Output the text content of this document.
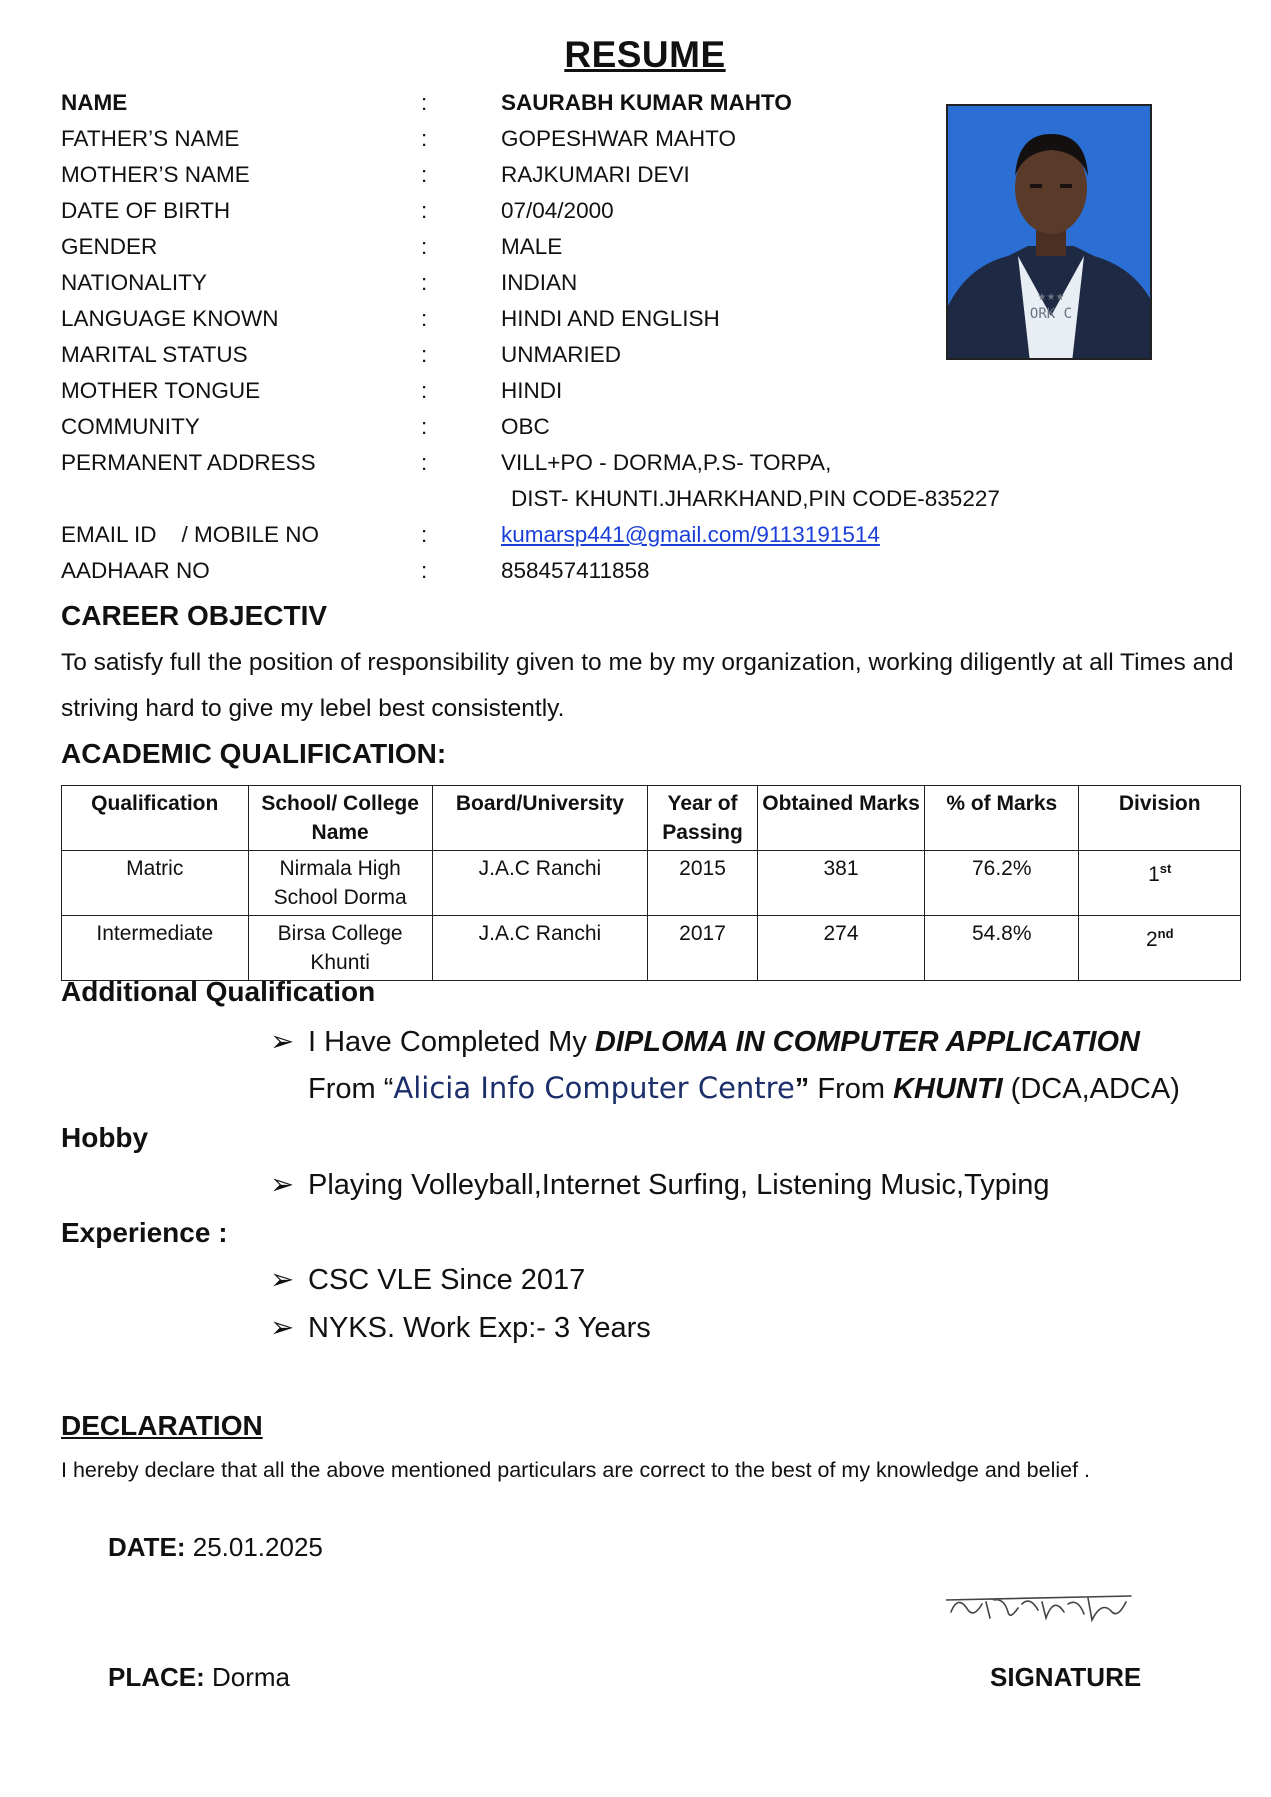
RESUME
NAME	:	SAURABH KUMAR MAHTO
FATHER’S NAME	:	GOPESHWAR MAHTO
MOTHER’S NAME	:	RAJKUMARI DEVI
DATE OF BIRTH	:	07/04/2000
GENDER	:	MALE
NATIONALITY	:	INDIAN
LANGUAGE KNOWN	:	HINDI AND ENGLISH
MARITAL STATUS	:	UNMARIED
MOTHER TONGUE	:	HINDI
COMMUNITY	:	OBC
PERMANENT ADDRESS	:	VILL+PO - DORMA,P.S- TORPA,
DIST- KHUNTI.JHARKHAND,PIN CODE-835227
EMAIL ID    / MOBILE NO	:	kumarsp441@gmail.com/9113191514
AADHAAR NO	:	858457411858
ORK C
★★★
CAREER OBJECTIV
To satisfy full the position of responsibility given to me by my organization, working diligently at all Times and striving hard to give my lebel best consistently.
ACADEMIC QUALIFICATION:
Qualification	School/ College Name	Board/University	Year of Passing	Obtained Marks	% of Marks	Division
Matric	Nirmala High School Dorma	J.A.C Ranchi	2015	381	76.2%	1st
Intermediate	Birsa College Khunti	J.A.C Ranchi	2017	274	54.8%	2nd
Additional Qualification
➢ I Have Completed My DIPLOMA IN COMPUTER APPLICATION
From “Alicia Info Computer Centre” From KHUNTI (DCA,ADCA)
Hobby
➢ Playing Volleyball,Internet Surfing, Listening Music,Typing
Experience :
➢ CSC VLE Since 2017
➢ NYKS. Work Exp:- 3 Years
DECLARATION
I hereby declare that all the above mentioned particulars are correct to the best of my knowledge and belief .
DATE: 25.01.2025
PLACE: Dorma	SIGNATURE
